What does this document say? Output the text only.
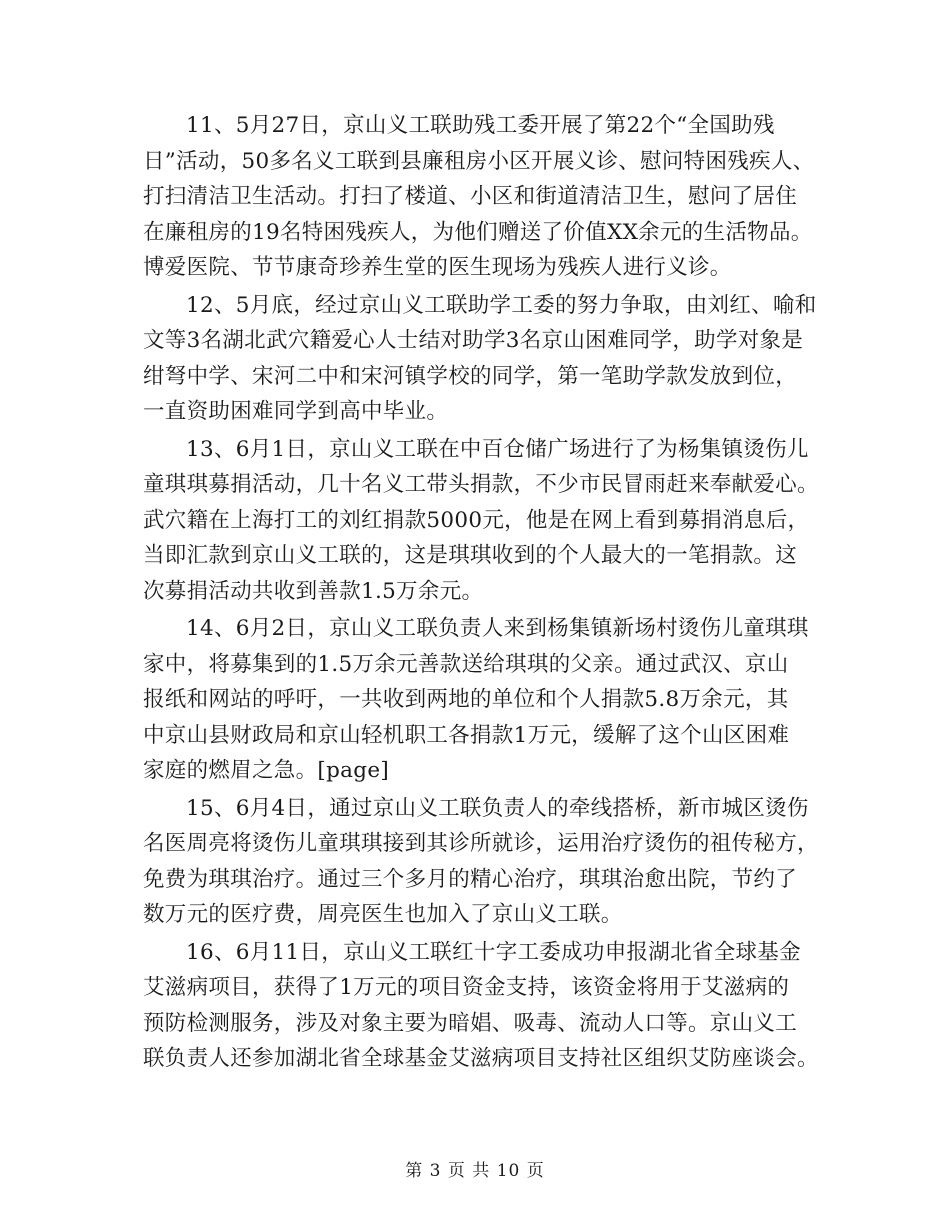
11、5月27日，京山义工联助残工委开展了第22个“全国助残
日”活动，50多名义工联到县廉租房小区开展义诊、慰问特困残疾人、
打扫清洁卫生活动。打扫了楼道、小区和街道清洁卫生，慰问了居住
在廉租房的19名特困残疾人，为他们赠送了价值XX余元的生活物品。
博爱医院、节节康奇珍养生堂的医生现场为残疾人进行义诊。
12、5月底，经过京山义工联助学工委的努力争取，由刘红、喻和
文等3名湖北武穴籍爱心人士结对助学3名京山困难同学，助学对象是
绀弩中学、宋河二中和宋河镇学校的同学，第一笔助学款发放到位，
一直资助困难同学到高中毕业。
13、6月1日，京山义工联在中百仓储广场进行了为杨集镇烫伤儿
童琪琪募捐活动，几十名义工带头捐款，不少市民冒雨赶来奉献爱心。
武穴籍在上海打工的刘红捐款5000元，他是在网上看到募捐消息后，
当即汇款到京山义工联的，这是琪琪收到的个人最大的一笔捐款。这
次募捐活动共收到善款1.5万余元。
14、6月2日，京山义工联负责人来到杨集镇新场村烫伤儿童琪琪
家中，将募集到的1.5万余元善款送给琪琪的父亲。通过武汉、京山
报纸和网站的呼吁，一共收到两地的单位和个人捐款5.8万余元，其
中京山县财政局和京山轻机职工各捐款1万元，缓解了这个山区困难
家庭的燃眉之急。[page]
15、6月4日，通过京山义工联负责人的牵线搭桥，新市城区烫伤
名医周亮将烫伤儿童琪琪接到其诊所就诊，运用治疗烫伤的祖传秘方，
免费为琪琪治疗。通过三个多月的精心治疗，琪琪治愈出院，节约了
数万元的医疗费，周亮医生也加入了京山义工联。
16、6月11日，京山义工联红十字工委成功申报湖北省全球基金
艾滋病项目，获得了1万元的项目资金支持，该资金将用于艾滋病的
预防检测服务，涉及对象主要为暗娼、吸毒、流动人口等。京山义工
联负责人还参加湖北省全球基金艾滋病项目支持社区组织艾防座谈会。
第 3 页 共 10 页
